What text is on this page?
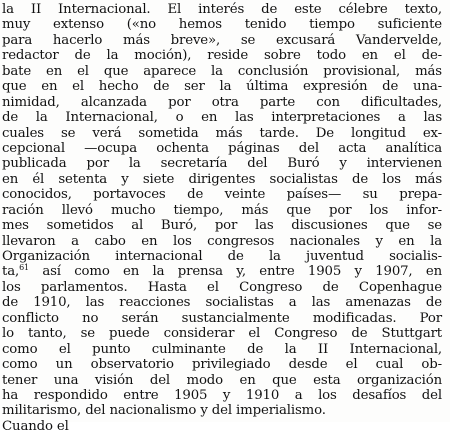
la II Internacional. El interés de este célebre texto,
muy extenso («no hemos tenido tiempo suficiente
para hacerlo más breve», se excusará Vandervelde,
redactor de la moción), reside sobre todo en el de-
bate en el que aparece la conclusión provisional, más
que en el hecho de ser la última expresión de una-
nimidad, alcanzada por otra parte con dificultades,
de la Internacional, o en las interpretaciones a las
cuales se verá sometida más tarde. De longitud ex-
cepcional —ocupa ochenta páginas del acta analítica
publicada por la secretaría del Buró y intervienen
en él setenta y siete dirigentes socialistas de los más
conocidos, portavoces de veinte países— su prepa-
ración llevó mucho tiempo, más que por los infor-
mes sometidos al Buró, por las discusiones que se
llevaron a cabo en los congresos nacionales y en la
Organización internacional de la juventud socialis-
ta,$^{61}$ así como en la prensa y, entre 1905 y 1907, en
los parlamentos. Hasta el Congreso de Copenhague
de 1910, las reacciones socialistas a las amenazas de
conflicto no serán sustancialmente modificadas. Por
lo tanto, se puede considerar el Congreso de Stuttgart
como el punto culminante de la II Internacional,
como un observatorio privilegiado desde el cual ob-
tener una visión del modo en que esta organización
ha respondido entre 1905 y 1910 a los desafíos del
militarismo, del nacionalismo y del imperialismo.
Cuando el
